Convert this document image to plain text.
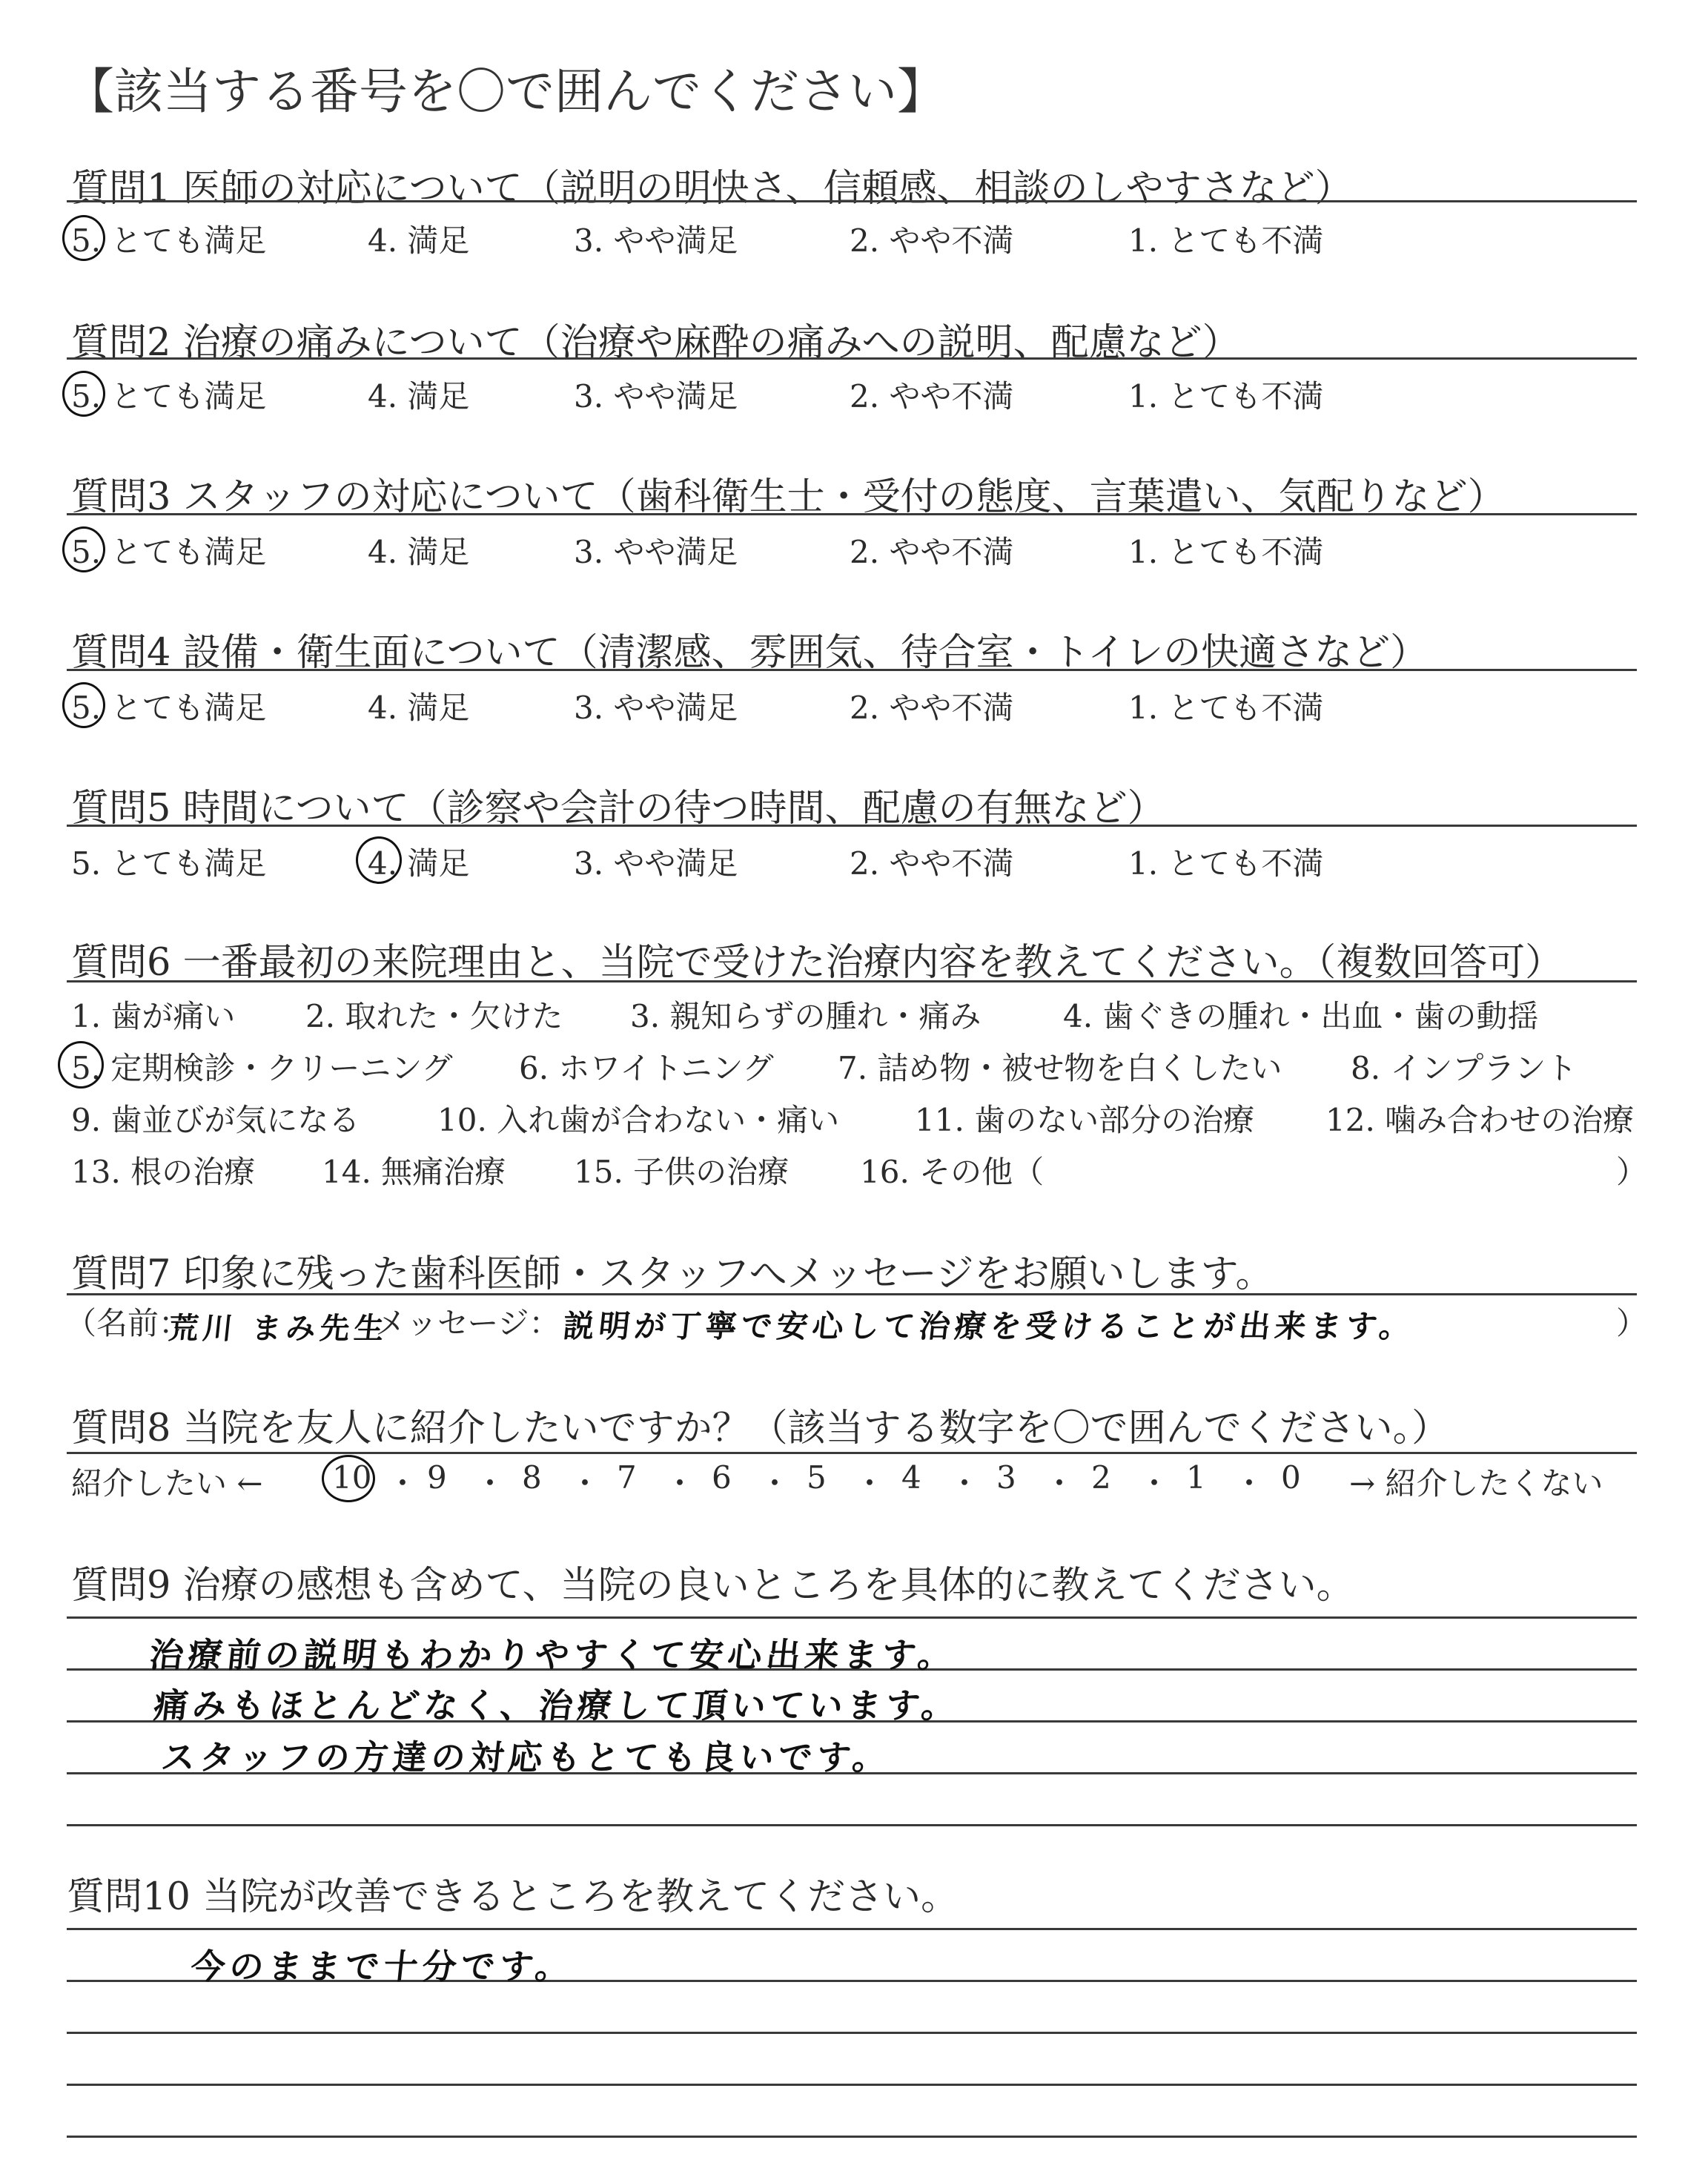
【該当する番号を〇で囲んでください】
質問1 医師の対応について（説明の明快さ、信頼感、相談のしやすさなど）
5. とても満足	4. 満足	3. やや満足	2. やや不満	1. とても不満
質問2 治療の痛みについて（治療や麻酔の痛みへの説明、配慮など）
5. とても満足	4. 満足	3. やや満足	2. やや不満	1. とても不満
質問3 スタッフの対応について（歯科衛生士・受付の態度、言葉遣い、気配りなど）
5. とても満足	4. 満足	3. やや満足	2. やや不満	1. とても不満
質問4 設備・衛生面について（清潔感、雰囲気、待合室・トイレの快適さなど）
5. とても満足	4. 満足	3. やや満足	2. やや不満	1. とても不満
質問5 時間について（診察や会計の待つ時間、配慮の有無など）
5. とても満足	4. 満足	3. やや満足	2. やや不満	1. とても不満
質問6 一番最初の来院理由と、当院で受けた治療内容を教えてください。（複数回答可）
1. 歯が痛い 2. 取れた・欠けた 3. 親知らずの腫れ・痛み	4. 歯ぐきの腫れ・出血・歯の動揺
5. 定期検診・クリーニング 6. ホワイトニング 7. 詰め物・被せ物を白くしたい 8. インプラント
9. 歯並びが気になる 10. 入れ歯が合わない・痛い 11. 歯のない部分の治療 12. 噛み合わせの治療
13. 根の治療 14. 無痛治療 15. 子供の治療 16. その他（	）
質問7 印象に残った歯科医師・スタッフへメッセージをお願いします。
（名前：
荒川 まみ先生
メッセージ： 説明が丁寧で安心して治療を受けることが出来ます。	）
質問8 当院を友人に紹介したいですか？（該当する数字を〇で囲んでください。）
紹介したい ← 10 ・ 9 ・ 8 ・ 7 ・ 6 ・ 5 ・ 4 ・ 3 ・ 2 ・ 1 ・ 0 → 紹介したくない
質問9 治療の感想も含めて、当院の良いところを具体的に教えてください。
治療前の説明もわかりやすくて安心出来ます。
痛みもほとんどなく、治療して頂いています。
スタッフの方達の対応もとても良いです。
質問10 当院が改善できるところを教えてください。
今のままで十分です。
